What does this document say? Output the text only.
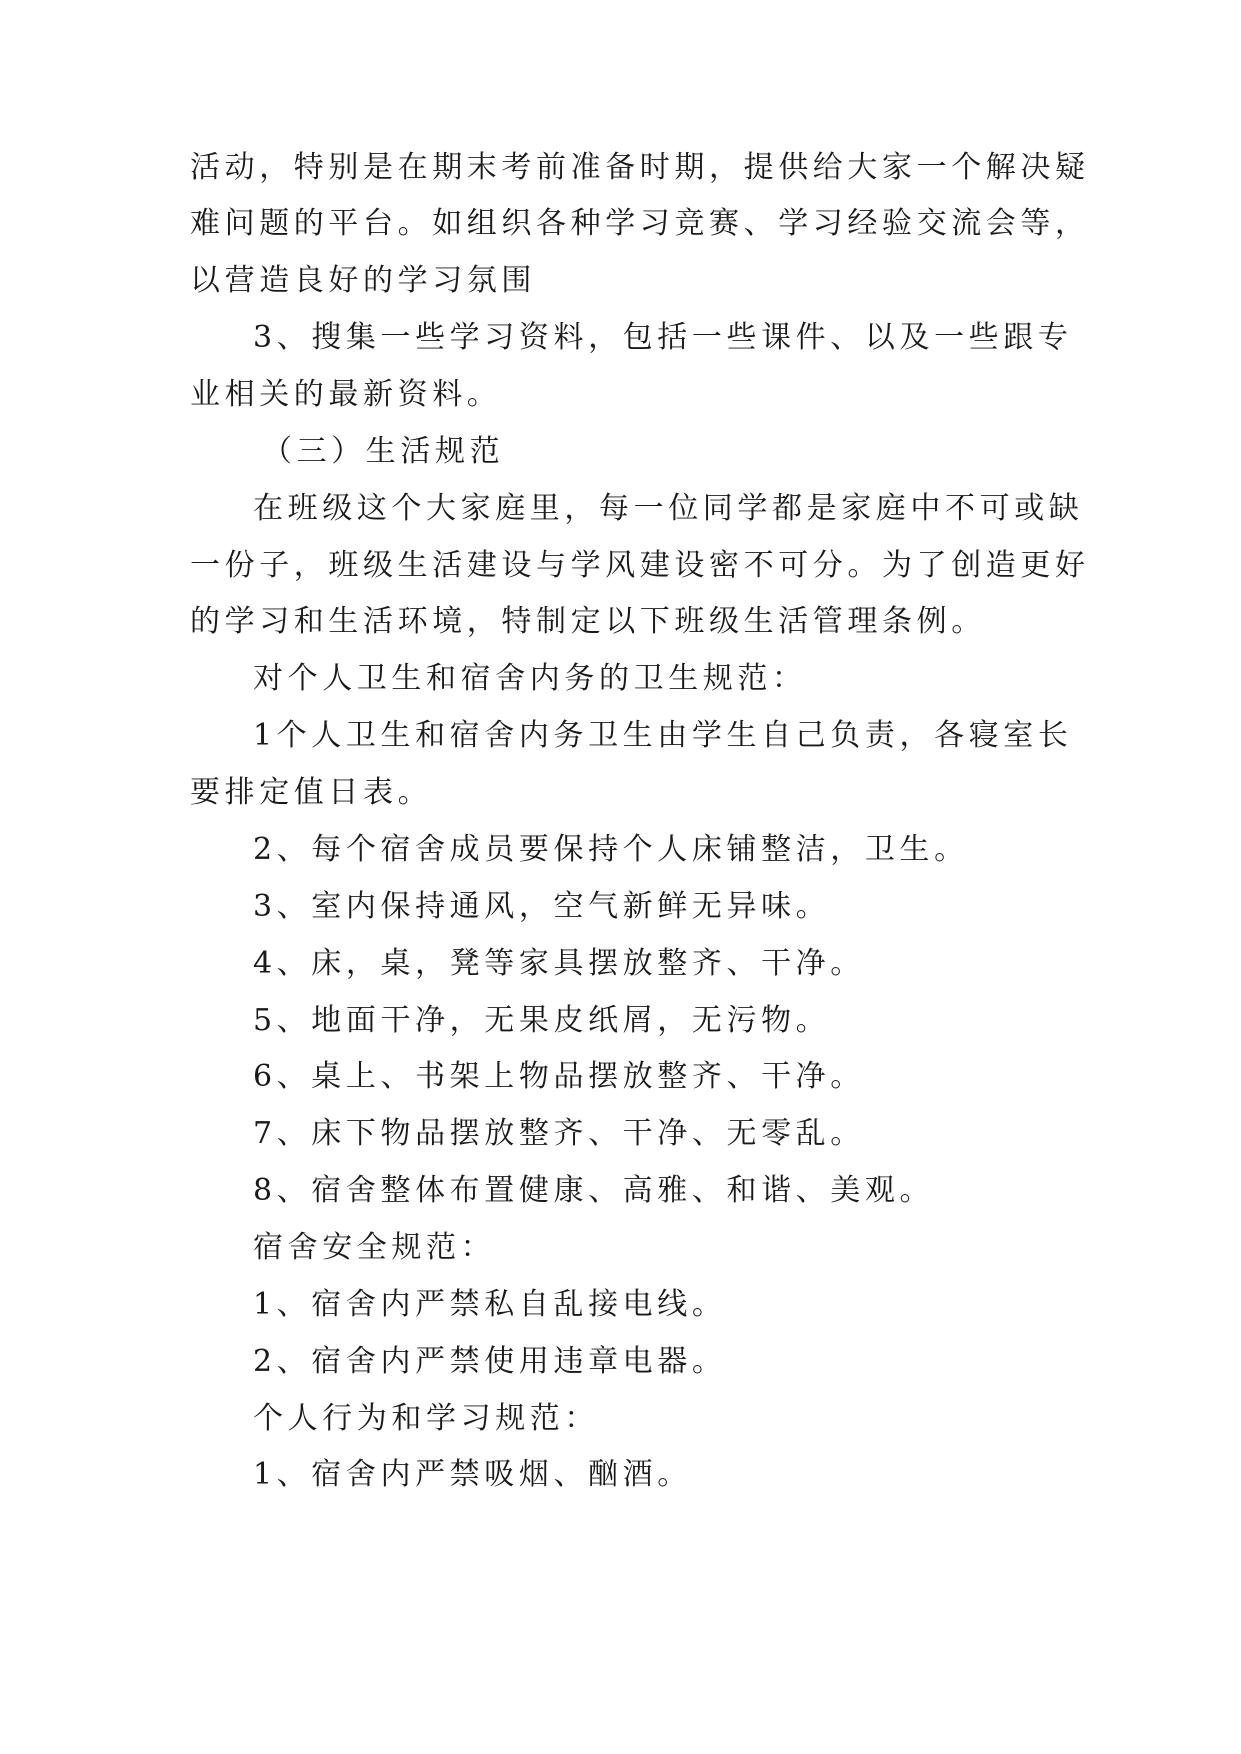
活动，特别是在期末考前准备时期，提供给大家一个解决疑

难问题的平台。如组织各种学习竞赛、学习经验交流会等，

以营造良好的学习氛围

3、搜集一些学习资料，包括一些课件、以及一些跟专

业相关的最新资料。

（三）生活规范

在班级这个大家庭里，每一位同学都是家庭中不可或缺

一份子，班级生活建设与学风建设密不可分。为了创造更好

的学习和生活环境，特制定以下班级生活管理条例。

对个人卫生和宿舍内务的卫生规范：

1个人卫生和宿舍内务卫生由学生自己负责，各寝室长

要排定值日表。

2、每个宿舍成员要保持个人床铺整洁，卫生。

3、室内保持通风，空气新鲜无异味。

4、床，桌，凳等家具摆放整齐、干净。

5、地面干净，无果皮纸屑，无污物。

6、桌上、书架上物品摆放整齐、干净。

7、床下物品摆放整齐、干净、无零乱。

8、宿舍整体布置健康、高雅、和谐、美观。

宿舍安全规范：

1、宿舍内严禁私自乱接电线。

2、宿舍内严禁使用违章电器。

个人行为和学习规范：

1、宿舍内严禁吸烟、酗酒。
